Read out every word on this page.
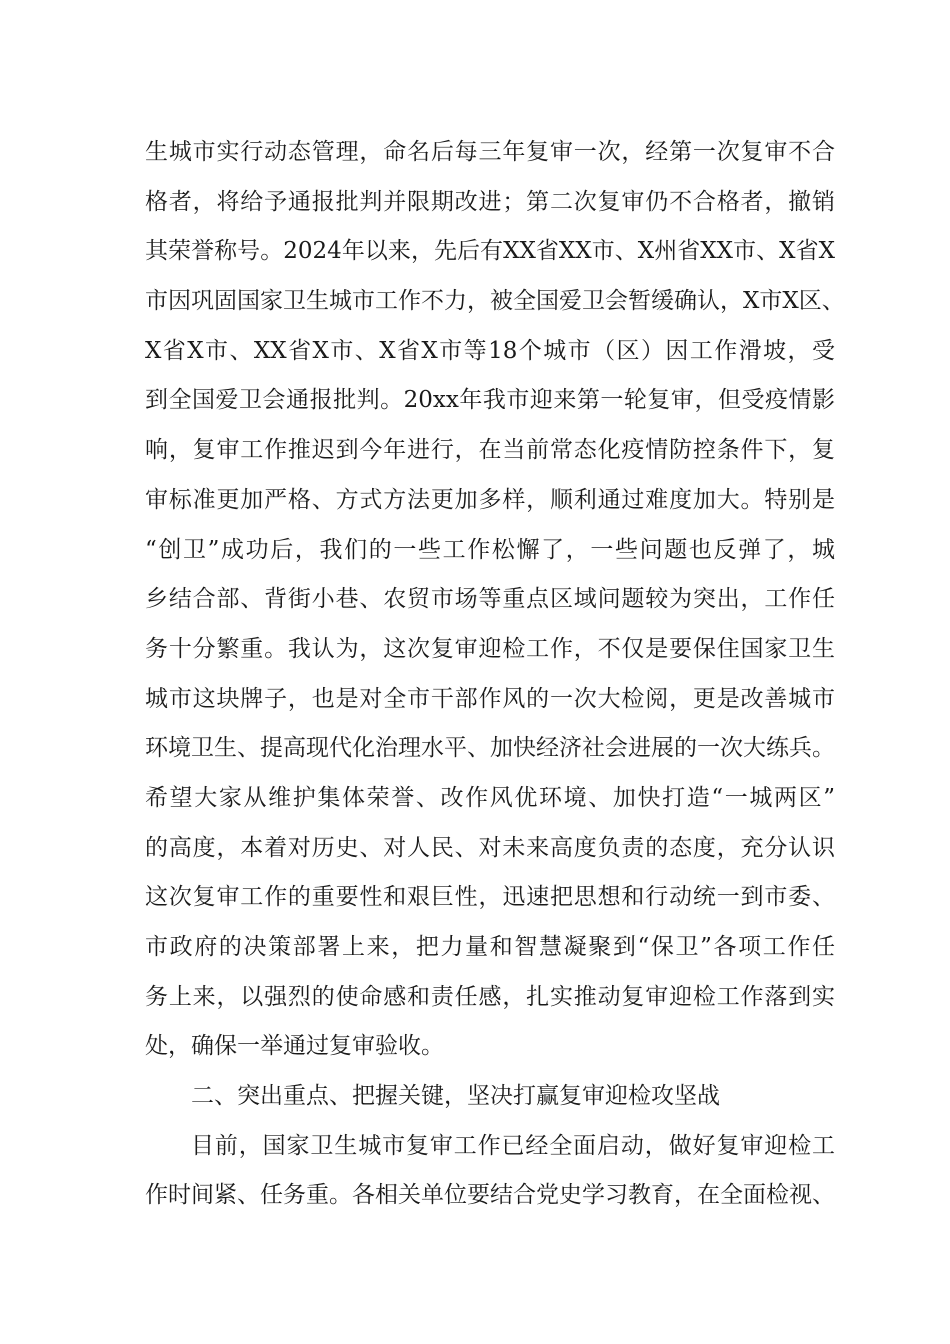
生城市实行动态管理，命名后每三年复审一次，经第一次复审不合
格者，将给予通报批判并限期改进；第二次复审仍不合格者，撤销
其荣誉称号。2024年以来，先后有XX省XX市、X州省XX市、X省X
市因巩固国家卫生城市工作不力，被全国爱卫会暂缓确认，X市X区、
X省X市、XX省X市、X省X市等18个城市（区）因工作滑坡，受
到全国爱卫会通报批判。20xx年我市迎来第一轮复审，但受疫情影
响，复审工作推迟到今年进行，在当前常态化疫情防控条件下，复
审标准更加严格、方式方法更加多样，顺利通过难度加大。特别是
“创卫”成功后，我们的一些工作松懈了，一些问题也反弹了，城
乡结合部、背街小巷、农贸市场等重点区域问题较为突出，工作任
务十分繁重。我认为，这次复审迎检工作，不仅是要保住国家卫生
城市这块牌子，也是对全市干部作风的一次大检阅，更是改善城市
环境卫生、提高现代化治理水平、加快经济社会进展的一次大练兵。
希望大家从维护集体荣誉、改作风优环境、加快打造“一城两区”
的高度，本着对历史、对人民、对未来高度负责的态度，充分认识
这次复审工作的重要性和艰巨性，迅速把思想和行动统一到市委、
市政府的决策部署上来，把力量和智慧凝聚到“保卫”各项工作任
务上来，以强烈的使命感和责任感，扎实推动复审迎检工作落到实
处，确保一举通过复审验收。
二、突出重点、把握关键，坚决打赢复审迎检攻坚战
目前，国家卫生城市复审工作已经全面启动，做好复审迎检工
作时间紧、任务重。各相关单位要结合党史学习教育，在全面检视、
